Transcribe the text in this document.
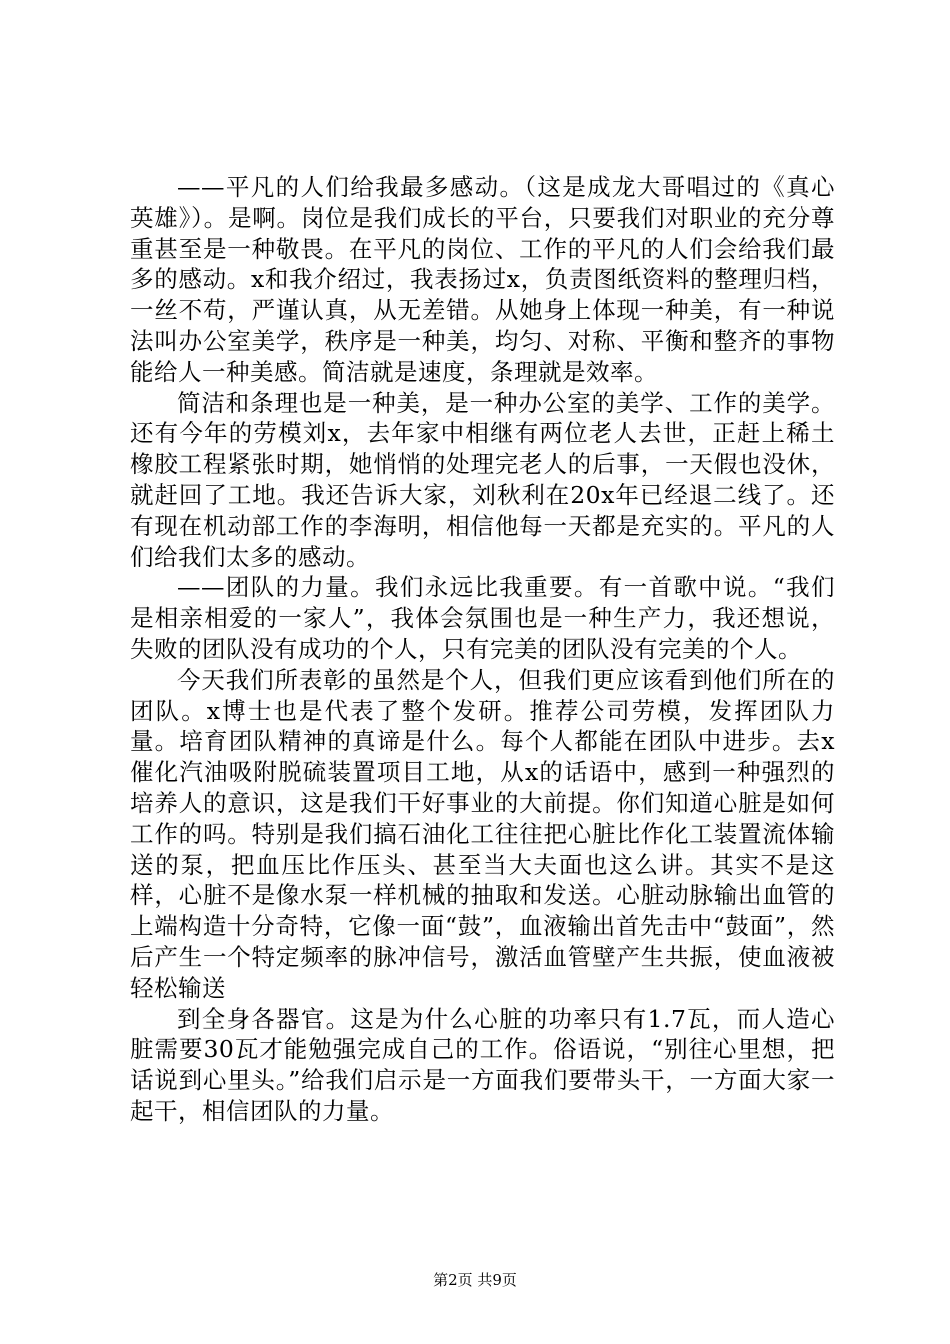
——平凡的人们给我最多感动。（这是成龙大哥唱过的《真心英雄》）。是啊。岗位是我们成长的平台，只要我们对职业的充分尊重甚至是一种敬畏。在平凡的岗位、工作的平凡的人们会给我们最多的感动。x和我介绍过，我表扬过x，负责图纸资料的整理归档，一丝不苟，严谨认真，从无差错。从她身上体现一种美，有一种说法叫办公室美学，秩序是一种美，均匀、对称、平衡和整齐的事物能给人一种美感。简洁就是速度，条理就是效率。

简洁和条理也是一种美，是一种办公室的美学、工作的美学。还有今年的劳模刘x，去年家中相继有两位老人去世，正赶上稀土橡胶工程紧张时期，她悄悄的处理完老人的后事，一天假也没休，就赶回了工地。我还告诉大家，刘秋利在20x年已经退二线了。还有现在机动部工作的李海明，相信他每一天都是充实的。平凡的人们给我们太多的感动。

——团队的力量。我们永远比我重要。有一首歌中说。“我们是相亲相爱的一家人”，我体会氛围也是一种生产力，我还想说，失败的团队没有成功的个人，只有完美的团队没有完美的个人。

今天我们所表彰的虽然是个人，但我们更应该看到他们所在的团队。x博士也是代表了整个发研。推荐公司劳模，发挥团队力量。培育团队精神的真谛是什么。每个人都能在团队中进步。去x催化汽油吸附脱硫装置项目工地，从x的话语中，感到一种强烈的培养人的意识，这是我们干好事业的大前提。你们知道心脏是如何工作的吗。特别是我们搞石油化工往往把心脏比作化工装置流体输送的泵，把血压比作压头、甚至当大夫面也这么讲。其实不是这样，心脏不是像水泵一样机械的抽取和发送。心脏动脉输出血管的上端构造十分奇特，它像一面“鼓”，血液输出首先击中“鼓面”，然后产生一个特定频率的脉冲信号，激活血管壁产生共振，使血液被轻松输送

到全身各器官。这是为什么心脏的功率只有1.7瓦，而人造心脏需要30瓦才能勉强完成自己的工作。俗语说，“别往心里想，把话说到心里头。”给我们启示是一方面我们要带头干，一方面大家一起干，相信团队的力量。

第2页 共9页
